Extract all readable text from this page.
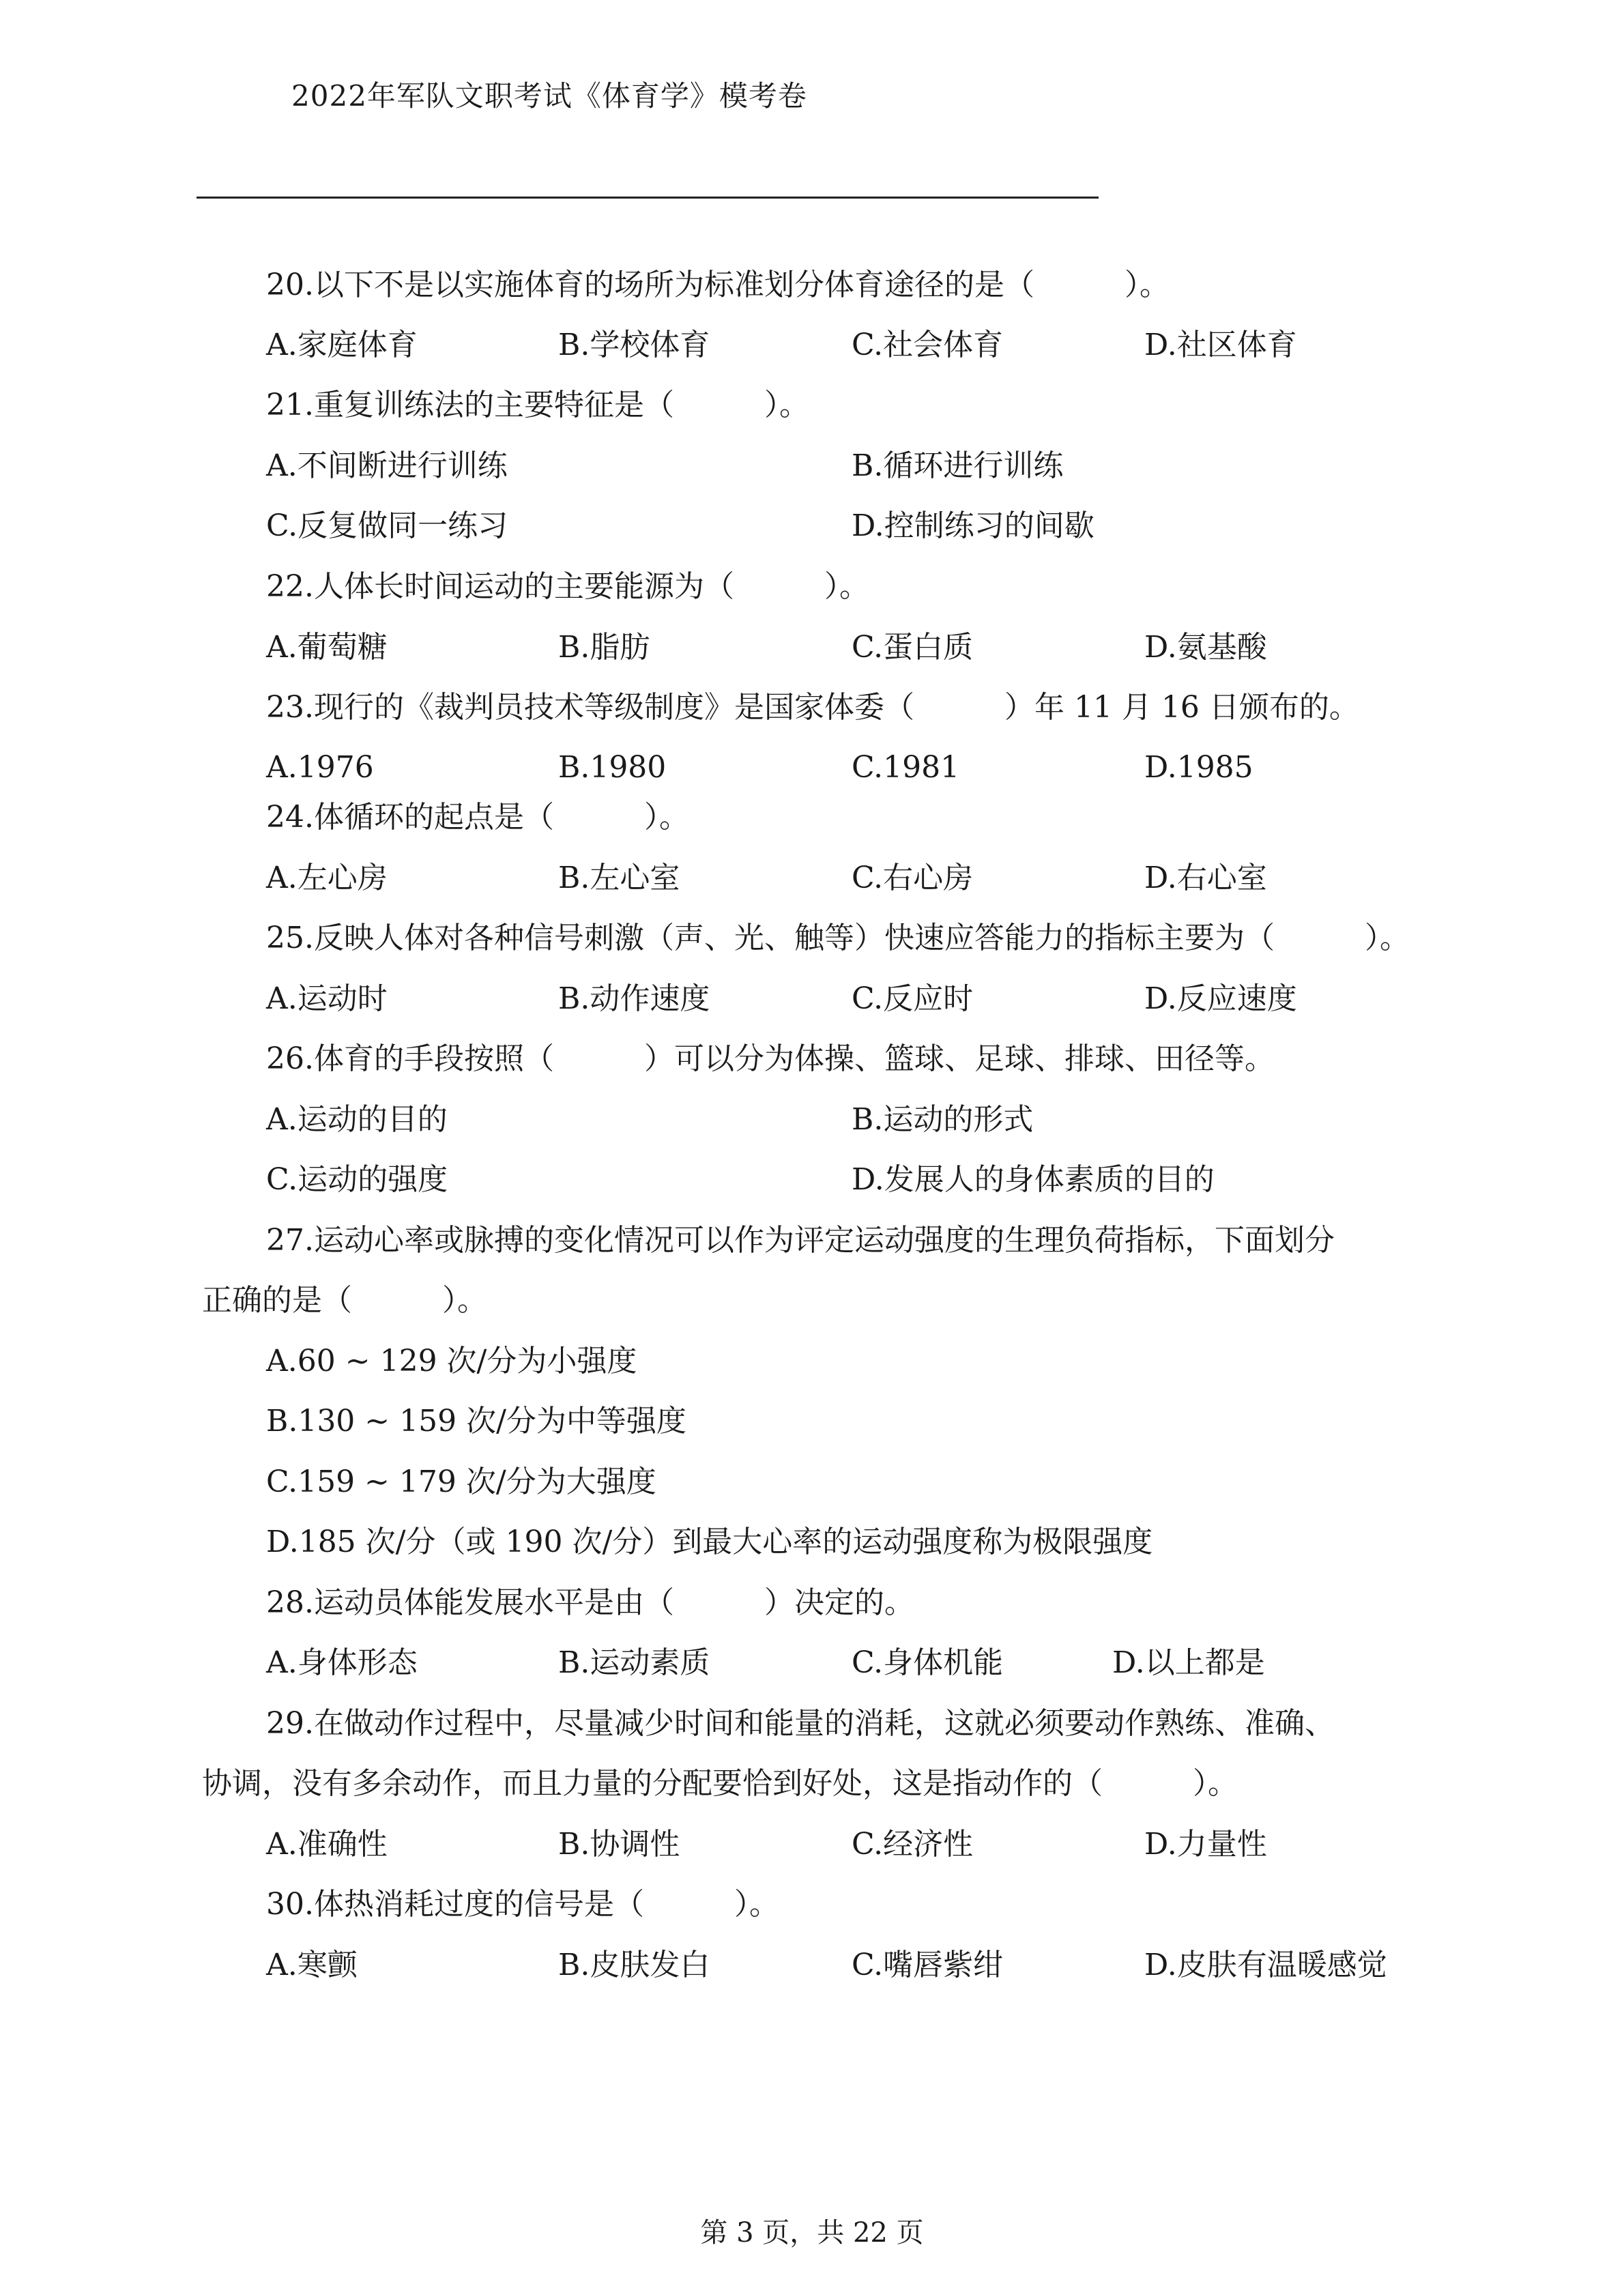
2022年军队文职考试《体育学》模考卷
20.以下不是以实施体育的场所为标准划分体育途径的是（　　　）。
A.家庭体育	B.学校体育	C.社会体育	D.社区体育
21.重复训练法的主要特征是（　　　）。
A.不间断进行训练	B.循环进行训练
C.反复做同一练习	D.控制练习的间歇
22.人体长时间运动的主要能源为（　　　）。
A.葡萄糖	B.脂肪	C.蛋白质	D.氨基酸
23.现行的《裁判员技术等级制度》是国家体委（　　　）年 11 月 16 日颁布的。
A.1976	B.1980	C.1981	D.1985
24.体循环的起点是（　　　）。
A.左心房	B.左心室	C.右心房	D.右心室
25.反映人体对各种信号刺激（声、光、触等）快速应答能力的指标主要为（　　　）。
A.运动时	B.动作速度	C.反应时	D.反应速度
26.体育的手段按照（　　　）可以分为体操、篮球、足球、排球、田径等。
A.运动的目的	B.运动的形式
C.运动的强度	D.发展人的身体素质的目的
27.运动心率或脉搏的变化情况可以作为评定运动强度的生理负荷指标，下面划分
正确的是（　　　）。
A.60 ~ 129 次/分为小强度
B.130 ~ 159 次/分为中等强度
C.159 ~ 179 次/分为大强度
D.185 次/分（或 190 次/分）到最大心率的运动强度称为极限强度
28.运动员体能发展水平是由（　　　）决定的。
A.身体形态	B.运动素质	C.身体机能	D.以上都是
29.在做动作过程中，尽量减少时间和能量的消耗，这就必须要动作熟练、准确、
协调，没有多余动作，而且力量的分配要恰到好处，这是指动作的（　　　）。
A.准确性	B.协调性	C.经济性	D.力量性
30.体热消耗过度的信号是（　　　）。
A.寒颤	B.皮肤发白	C.嘴唇紫绀	D.皮肤有温暖感觉
第 3 页，共 22 页
